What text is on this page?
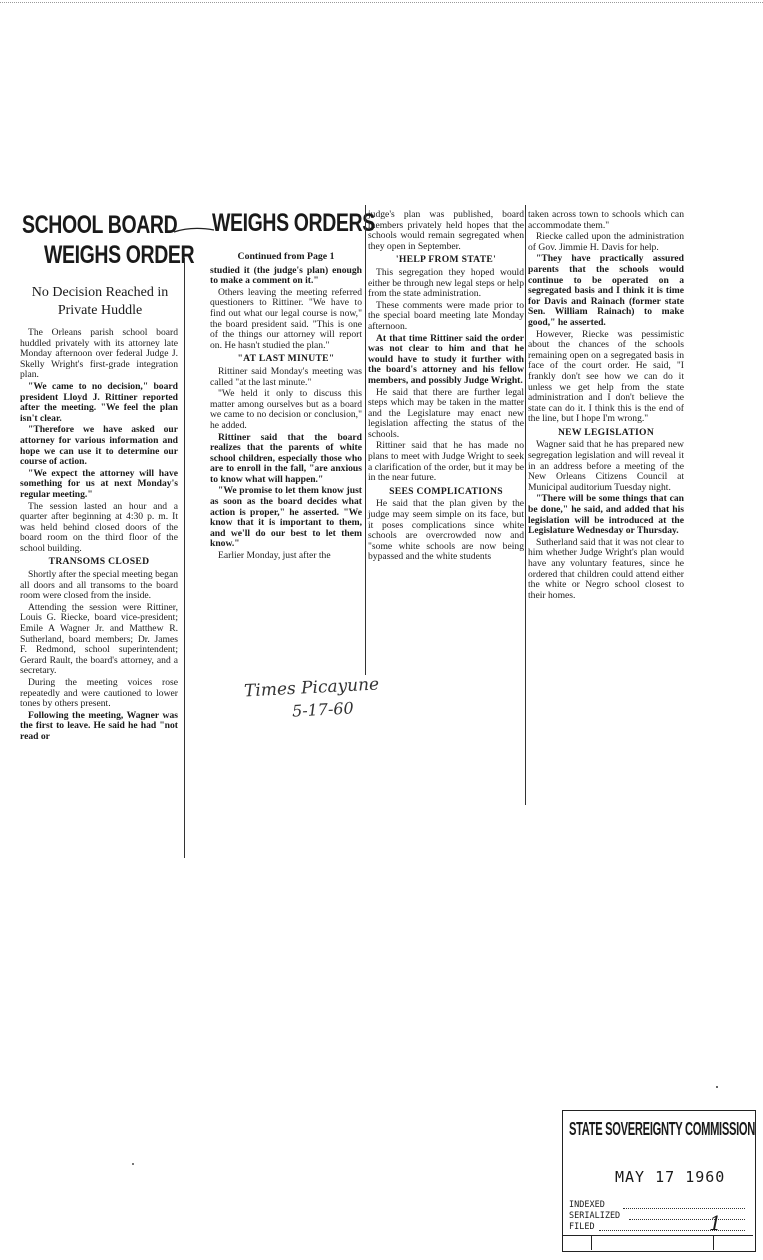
SCHOOL BOARD
WEIGHS ORDER
No Decision Reached in Private Huddle
WEIGHS ORDERS

The Orleans parish school board huddled privately with its attorney late Monday afternoon over federal Judge J. Skelly Wright's first-grade integration plan.

"We came to no decision," board president Lloyd J. Rittiner reported after the meeting. "We feel the plan isn't clear.

"Therefore we have asked our attorney for various information and hope we can use it to determine our course of action.

"We expect the attorney will have something for us at next Monday's regular meeting."

The session lasted an hour and a quarter after beginning at 4:30 p. m. It was held behind closed doors of the board room on the third floor of the school building.

TRANSOMS CLOSED

Shortly after the special meeting began all doors and all transoms to the board room were closed from the inside.

Attending the session were Rittiner, Louis G. Riecke, board vice-president; Emile A Wagner Jr. and Matthew R. Sutherland, board members; Dr. James F. Redmond, school superintendent; Gerard Rault, the board's attorney, and a secretary.

During the meeting voices rose repeatedly and were cautioned to lower tones by others present.

Following the meeting, Wagner was the first to leave. He said he had "not read or

Continued from Page 1

studied it (the judge's plan) enough to make a comment on it."

Others leaving the meeting referred questioners to Rittiner. "We have to find out what our legal course is now," the board president said. "This is one of the things our attorney will report on. He hasn't studied the plan."

"AT LAST MINUTE"

Rittiner said Monday's meeting was called "at the last minute."

"We held it only to discuss this matter among ourselves but as a board we came to no decision or conclusion," he added.

Rittiner said that the board realizes that the parents of white school children, especially those who are to enroll in the fall, "are anxious to know what will happen."

"We promise to let them know just as soon as the board decides what action is proper," he asserted. "We know that it is important to them, and we'll do our best to let them know."

Earlier Monday, just after the

judge's plan was published, board members privately held hopes that the schools would remain segregated when they open in September.

'HELP FROM STATE'

This segregation they hoped would either be through new legal steps or help from the state administration.

These comments were made prior to the special board meeting late Monday afternoon.

At that time Rittiner said the order was not clear to him and that he would have to study it further with the board's attorney and his fellow members, and possibly Judge Wright.

He said that there are further legal steps which may be taken in the matter and the Legislature may enact new legislation affecting the status of the schools.

Rittiner said that he has made no plans to meet with Judge Wright to seek a clarification of the order, but it may be in the near future.

SEES COMPLICATIONS

He said that the plan given by the judge may seem simple on its face, but it poses complications since white schools are overcrowded now and "some white schools are now being bypassed and the white students

taken across town to schools which can accommodate them."

Riecke called upon the administration of Gov. Jimmie H. Davis for help.

"They have practically assured parents that the schools would continue to be operated on a segregated basis and I think it is time for Davis and Rainach (former state Sen. William Rainach) to make good," he asserted.

However, Riecke was pessimistic about the chances of the schools remaining open on a segregated basis in face of the court order. He said, "I frankly don't see how we can do it unless we get help from the state administration and I don't believe the state can do it. I think this is the end of the line, but I hope I'm wrong."

NEW LEGISLATION

Wagner said that he has prepared new segregation legislation and will reveal it in an address before a meeting of the New Orleans Citizens Council at Municipal auditorium Tuesday night.

"There will be some things that can be done," he said, and added that his legislation will be introduced at the Legislature Wednesday or Thursday.

Sutherland said that it was not clear to him whether Judge Wright's plan would have any voluntary features, since he ordered that children could attend either the white or Negro school closest to their homes.

Times Picayune
5-17-60
STATE SOVEREIGNTY COMMISSION
MAY 17 1960
INDEXED
SERIALIZED
FILED	1
